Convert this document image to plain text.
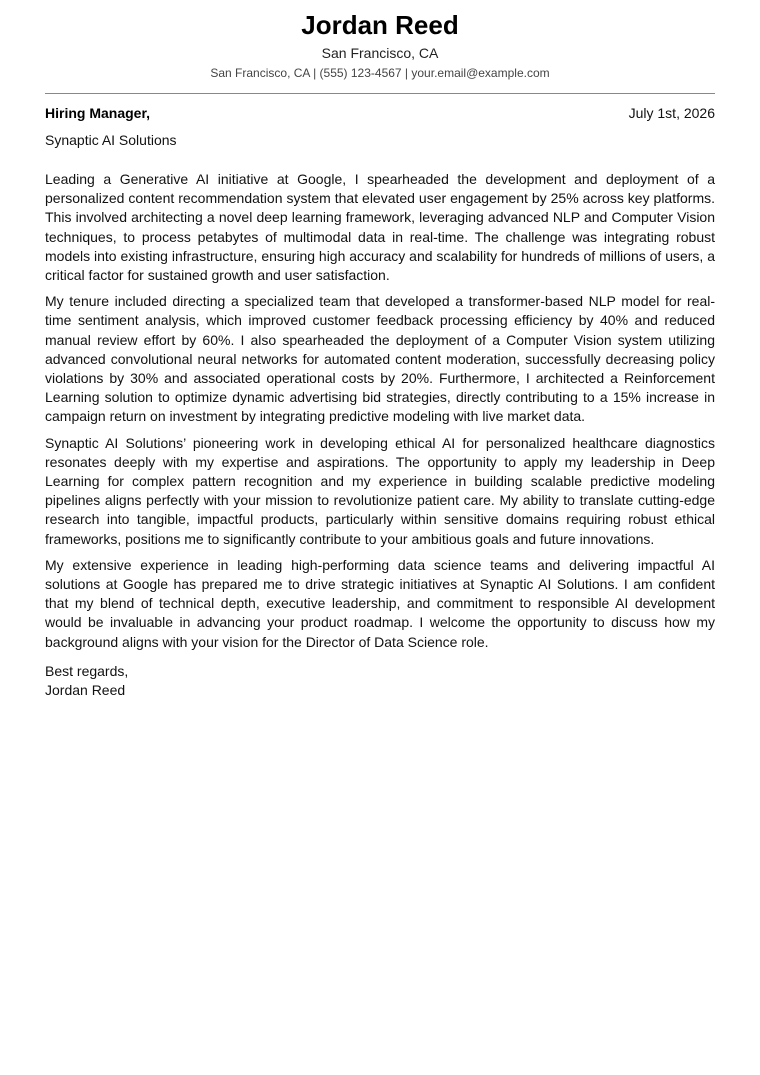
Jordan Reed
San Francisco, CA
San Francisco, CA | (555) 123-4567 | your.email@example.com
Hiring Manager,	July 1st, 2026
Synaptic AI Solutions

Leading a Generative AI initiative at Google, I spearheaded the development and deployment of a personalized content recommendation system that elevated user engagement by 25% across key platforms. This involved architecting a novel deep learning framework, leveraging advanced NLP and Computer Vision techniques, to process petabytes of multimodal data in real-time. The challenge was integrating robust models into existing infrastructure, ensuring high accuracy and scalability for hundreds of millions of users, a critical factor for sustained growth and user satisfaction.

My tenure included directing a specialized team that developed a transformer-based NLP model for real-time sentiment analysis, which improved customer feedback processing efficiency by 40% and reduced manual review effort by 60%. I also spearheaded the deployment of a Computer Vision system utilizing advanced convolutional neural networks for automated content moderation, successfully decreasing policy violations by 30% and associated operational costs by 20%. Furthermore, I architected a Reinforcement Learning solution to optimize dynamic advertising bid strategies, directly contributing to a 15% increase in campaign return on investment by integrating predictive modeling with live market data.

Synaptic AI Solutions’ pioneering work in developing ethical AI for personalized healthcare diagnostics resonates deeply with my expertise and aspirations. The opportunity to apply my leadership in Deep Learning for complex pattern recognition and my experience in building scalable predictive modeling pipelines aligns perfectly with your mission to revolutionize patient care. My ability to translate cutting-edge research into tangible, impactful products, particularly within sensitive domains requiring robust ethical frameworks, positions me to significantly contribute to your ambitious goals and future innovations.

My extensive experience in leading high-performing data science teams and delivering impactful AI solutions at Google has prepared me to drive strategic initiatives at Synaptic AI Solutions. I am confident that my blend of technical depth, executive leadership, and commitment to responsible AI development would be invaluable in advancing your product roadmap. I welcome the opportunity to discuss how my background aligns with your vision for the Director of Data Science role.

Best regards,
Jordan Reed
